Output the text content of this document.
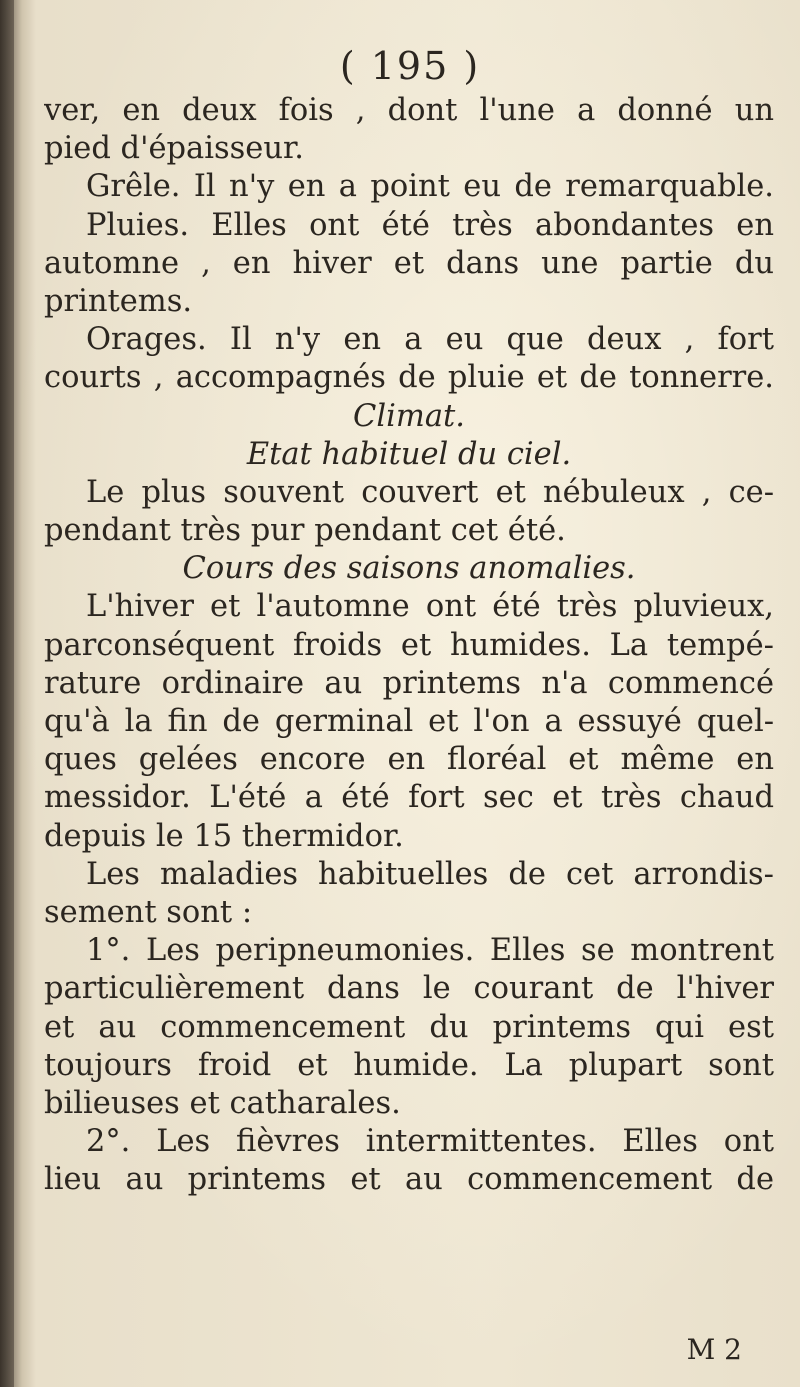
( 195 )
ver, en deux fois , dont l'une a donné un
pied d'épaisseur.
Grêle. Il n'y en a point eu de remarquable.
Pluies. Elles ont été très abondantes en
automne , en hiver et dans une partie du
printems.
Orages. Il n'y en a eu que deux , fort
courts , accompagnés de pluie et de tonnerre.
Climat.
Etat habituel du ciel.
Le plus souvent couvert et nébuleux , ce-
pendant très pur pendant cet été.
Cours des saisons anomalies.
L'hiver et l'automne ont été très pluvieux,
parconséquent froids et humides. La tempé-
rature ordinaire au printems n'a commencé
qu'à la fin de germinal et l'on a essuyé quel-
ques gelées encore en floréal et même en
messidor. L'été a été fort sec et très chaud
depuis le 15 thermidor.
Les maladies habituelles de cet arrondis-
sement sont :
1°. Les peripneumonies. Elles se montrent
particulièrement dans le courant de l'hiver
et au commencement du printems qui est
toujours froid et humide. La plupart sont
bilieuses et catharales.
2°. Les fièvres intermittentes. Elles ont
lieu au printems et au commencement de
M 2
